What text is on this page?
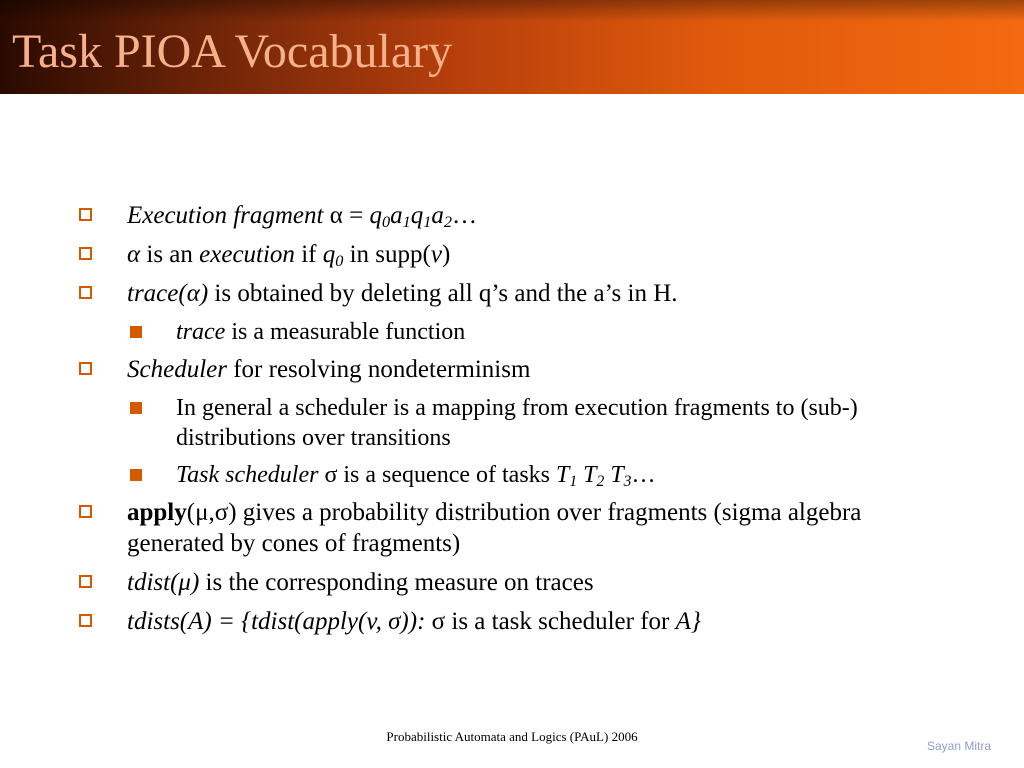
Task PIOA Vocabulary
Execution fragment $\alpha = q_0a_1q_1a_2\dots$
α is an execution if $q_0$ in supp(v)
trace(α) is obtained by deleting all q’s and the a’s in H.
trace is a measurable function
Scheduler for resolving nondeterminism
In general a scheduler is a mapping from execution fragments to (sub-) distributions over transitions
Task scheduler σ is a sequence of tasks $T_1$ $T_2$ $T_3\dots$
apply(μ,σ) gives a probability distribution over fragments (sigma algebra generated by cones of fragments)
tdist(μ) is the corresponding measure on traces
tdists(A) = {tdist(apply(v, σ)): σ is a task scheduler for A}
Probabilistic Automata and Logics (PAuL) 2006
Sayan Mitra
